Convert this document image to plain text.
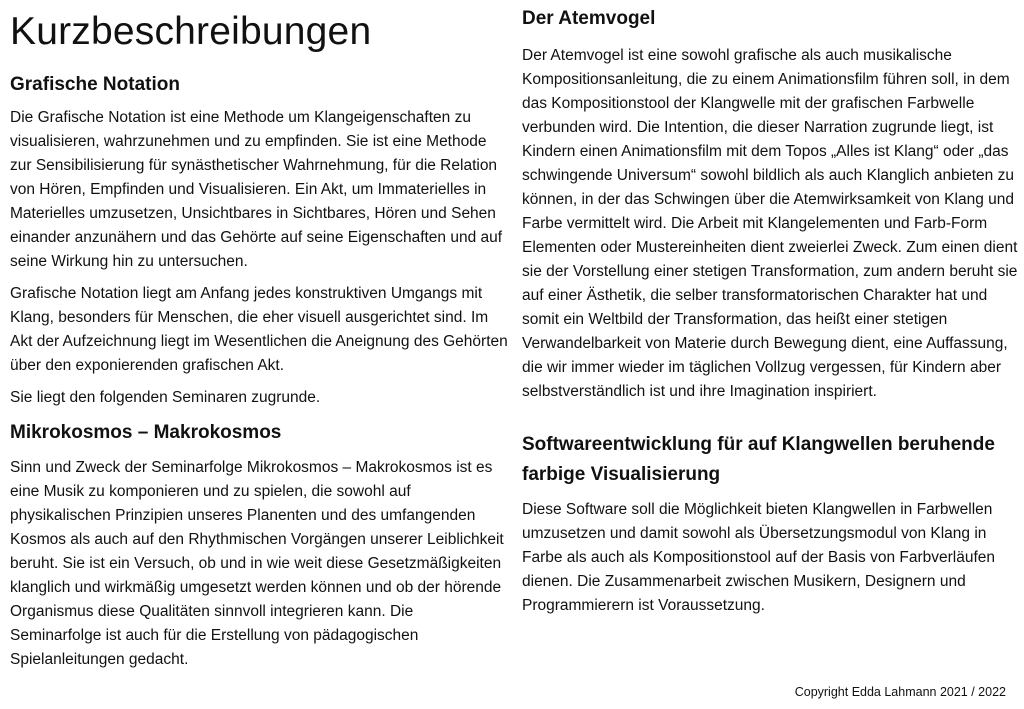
Kurzbeschreibungen
Grafische Notation

Die Grafische Notation ist eine Methode um Klangeigenschaften zu visualisieren, wahrzunehmen und zu empfinden. Sie ist eine Methode zur Sensibilisierung für synästhetischer Wahrnehmung, für die Relation von Hören, Empfinden und Visualisieren. Ein Akt, um Immaterielles in Materielles umzusetzen, Unsichtbares in Sichtbares, Hören und Sehen einander anzunähern und das Gehörte auf seine Eigenschaften und auf seine Wirkung hin zu untersuchen.

Grafische Notation liegt am Anfang jedes konstruktiven Umgangs mit Klang, besonders für Menschen, die eher visuell ausgerichtet sind. Im Akt der Aufzeichnung liegt im Wesentlichen die Aneignung des Gehörten über den exponierenden grafischen Akt.

Sie liegt den folgenden Seminaren zugrunde.

Mikrokosmos – Makrokosmos

Sinn und Zweck der Seminarfolge Mikrokosmos – Makrokosmos ist es eine Musik zu komponieren und zu spielen, die sowohl auf physikalischen Prinzipien unseres Planenten und des umfangenden Kosmos als auch auf den Rhythmischen Vorgängen unserer Leiblichkeit beruht. Sie ist ein Versuch, ob und in wie weit diese Gesetzmäßigkeiten klanglich und wirkmäßig umgesetzt werden können und ob der hörende Organismus diese Qualitäten sinnvoll integrieren kann. Die Seminarfolge ist auch für die Erstellung von pädagogischen Spielanleitungen gedacht.

Der Atemvogel

Der Atemvogel ist eine sowohl grafische als auch musikalische Kompositionsanleitung, die zu einem Animationsfilm führen soll, in dem das Kompositionstool der Klangwelle mit der grafischen Farbwelle verbunden wird. Die Intention, die dieser Narration zugrunde liegt, ist Kindern einen Animationsfilm mit dem Topos „Alles ist Klang“ oder „das schwingende Universum“ sowohl bildlich als auch Klanglich anbieten zu können, in der das Schwingen über die Atemwirksamkeit von Klang und Farbe vermittelt wird. Die Arbeit mit Klangelementen und Farb-Form Elementen oder Mustereinheiten dient zweierlei Zweck. Zum einen dient sie der Vorstellung einer stetigen Transformation, zum andern beruht sie auf einer Ästhetik, die selber transformatorischen Charakter hat und somit ein Weltbild der Transformation, das heißt einer stetigen Verwandelbarkeit von Materie durch Bewegung dient, eine Auffassung, die wir immer wieder im täglichen Vollzug vergessen, für Kindern aber selbstverständlich ist und ihre Imagination inspiriert.

Softwareentwicklung für auf Klangwellen beruhende farbige Visualisierung

Diese Software soll die Möglichkeit bieten Klangwellen in Farbwellen umzusetzen und damit sowohl als Übersetzungsmodul von Klang in Farbe als auch als Kompositionstool auf der Basis von Farbverläufen dienen. Die Zusammenarbeit zwischen Musikern, Designern und Programmierern ist Voraussetzung.

Copyright Edda Lahmann 2021 / 2022
